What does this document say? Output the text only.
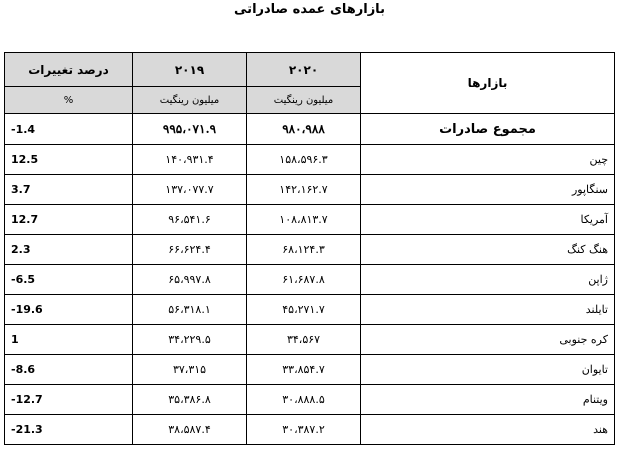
بازارهای عمده صادراتی
بازارها	۲۰۲۰	۲۰۱۹	درصد تغییرات
	میلیون رینگیت	میلیون رینگیت	%
مجموع صادرات	۹۸۰،۹۸۸	۹۹۵،۰۷۱.۹	-1.4
چین	۱۵۸،۵۹۶.۳	۱۴۰،۹۳۱.۴	12.5
سنگاپور	۱۴۲،۱۶۲.۷	۱۳۷،۰۷۷.۷	3.7
آمریکا	۱۰۸،۸۱۳.۷	۹۶،۵۴۱.۶	12.7
هنگ کنگ	۶۸،۱۲۴.۳	۶۶،۶۲۴.۴	2.3
ژاپن	۶۱،۶۸۷.۸	۶۵،۹۹۷.۸	-6.5
تایلند	۴۵،۲۷۱.۷	۵۶،۳۱۸.۱	-19.6
کره جنوبی	۳۴،۵۶۷	۳۴،۲۲۹.۵	1
تایوان	۳۳،۸۵۴.۷	۳۷،۳۱۵	-8.6
ویتنام	۳۰،۸۸۸.۵	۳۵،۳۸۶.۸	-12.7
هند	۳۰،۳۸۷.۲	۳۸،۵۸۷.۴	-21.3
